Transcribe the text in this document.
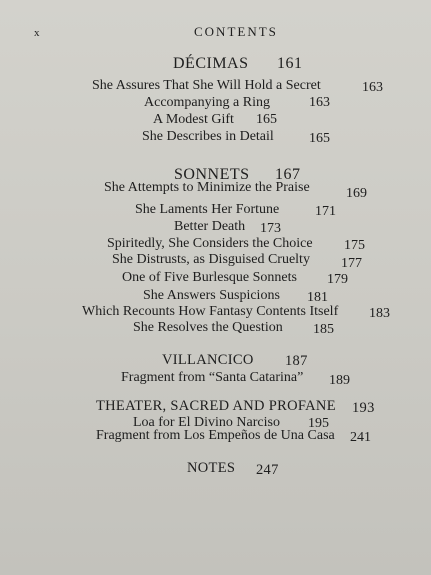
x	CONTENTS
DÉCIMAS 161
She Assures That She Will Hold a Secret	163
Accompanying a Ring	163
A Modest Gift 165
She Describes in Detail	165
SONNETS 167
She Attempts to Minimize the Praise	169
She Laments Her Fortune	171
Better Death 173
Spiritedly, She Considers the Choice 175
She Distrusts, as Disguised Cruelty 177
One of Five Burlesque Sonnets 179
She Answers Suspicions 181
Which Recounts How Fantasy Contents Itself 183
She Resolves the Question 185
VILLANCICO 187
Fragment from “Santa Catarina” 189
THEATER, SACRED AND PROFANE 193
Loa for El Divino Narciso 195
Fragment from Los Empeños de Una Casa 241
NOTES 247
